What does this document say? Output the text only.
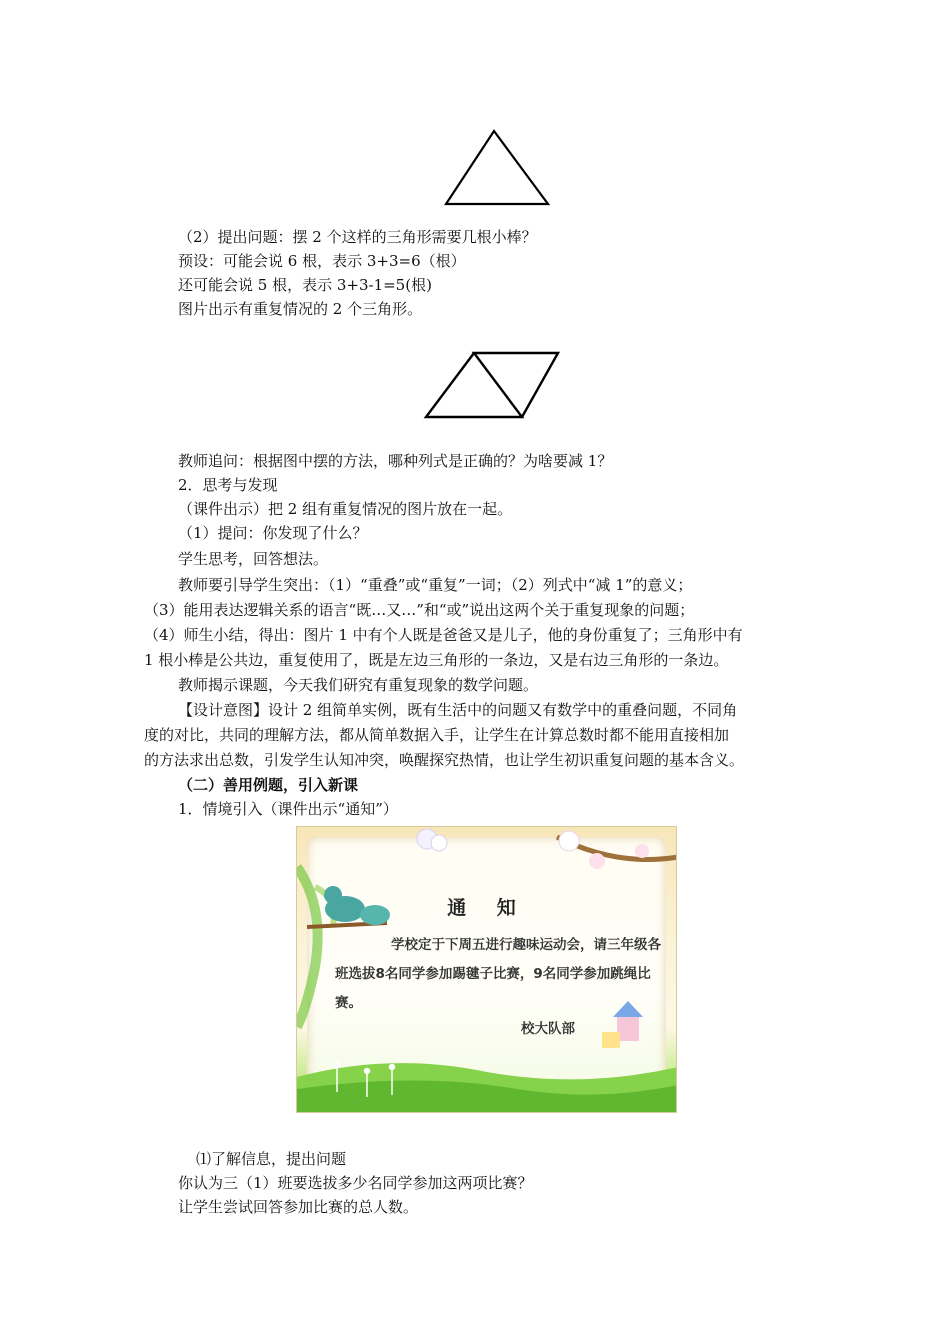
（2）提出问题：摆 2 个这样的三角形需要几根小棒？
预设：可能会说 6 根，表示 3+3=6（根）
还可能会说 5 根，表示 3+3-1=5(根)
图片出示有重复情况的 2 个三角形。
教师追问：根据图中摆的方法，哪种列式是正确的？为啥要减 1？
2．思考与发现
（课件出示）把 2 组有重复情况的图片放在一起。
（1）提问：你发现了什么？
学生思考，回答想法。
教师要引导学生突出：（1）“重叠”或“重复”一词；（2）列式中“减 1”的意义；
（3）能用表达逻辑关系的语言“既…又…”和“或”说出这两个关于重复现象的问题；
（4）师生小结，得出：图片 1 中有个人既是爸爸又是儿子，他的身份重复了；三角形中有
1 根小棒是公共边，重复使用了，既是左边三角形的一条边，又是右边三角形的一条边。
教师揭示课题，今天我们研究有重复现象的数学问题。
【设计意图】设计 2 组简单实例，既有生活中的问题又有数学中的重叠问题，不同角
度的对比，共同的理解方法，都从简单数据入手，让学生在计算总数时都不能用直接相加
的方法求出总数，引发学生认知冲突，唤醒探究热情，也让学生初识重复问题的基本含义。
（二）善用例题，引入新课
1．情境引入（课件出示“通知”）
通 知
学校定于下周五进行趣味运动会，请三年级各班选拔8名同学参加踢毽子比赛，9名同学参加跳绳比赛。
校大队部
⑴了解信息，提出问题
你认为三（1）班要选拔多少名同学参加这两项比赛？
让学生尝试回答参加比赛的总人数。
